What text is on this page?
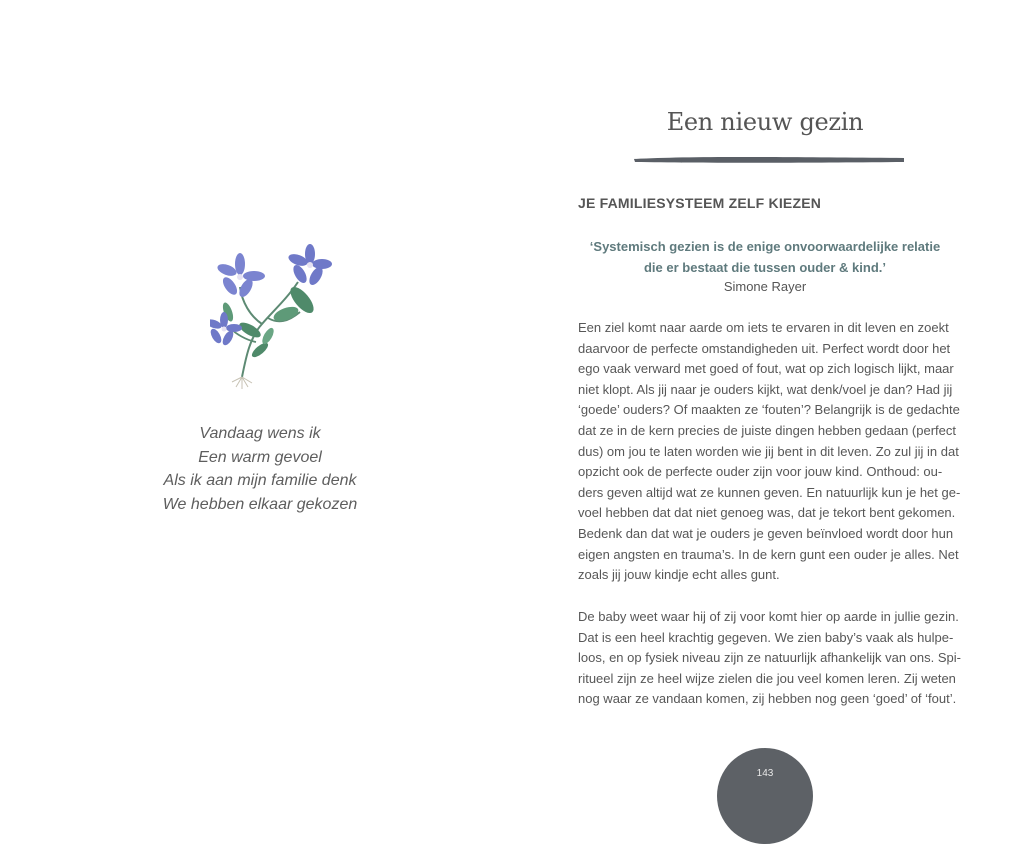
Vandaag wens ik
Een warm gevoel
Als ik aan mijn familie denk
We hebben elkaar gekozen
Een nieuw gezin
JE FAMILIESYSTEEM ZELF KIEZEN
‘Systemisch gezien is de enige onvoorwaardelijke relatie
die er bestaat die tussen ouder & kind.’
Simone Rayer
Een ziel komt naar aarde om iets te ervaren in dit leven en zoekt
daarvoor de perfecte omstandigheden uit. Perfect wordt door het
ego vaak verward met goed of fout, wat op zich logisch lijkt, maar
niet klopt. Als jij naar je ouders kijkt, wat denk/voel je dan? Had jij
‘goede’ ouders? Of maakten ze ‘fouten’? Belangrijk is de gedachte
dat ze in de kern precies de juiste dingen hebben gedaan (perfect
dus) om jou te laten worden wie jij bent in dit leven. Zo zul jij in dat
opzicht ook de perfecte ouder zijn voor jouw kind. Onthoud: ou-
ders geven altijd wat ze kunnen geven. En natuurlijk kun je het ge-
voel hebben dat dat niet genoeg was, dat je tekort bent gekomen.
Bedenk dan dat wat je ouders je geven beïnvloed wordt door hun
eigen angsten en trauma’s. In de kern gunt een ouder je alles. Net
zoals jij jouw kindje echt alles gunt.
De baby weet waar hij of zij voor komt hier op aarde in jullie gezin.
Dat is een heel krachtig gegeven. We zien baby’s vaak als hulpe-
loos, en op fysiek niveau zijn ze natuurlijk afhankelijk van ons. Spi-
ritueel zijn ze heel wijze zielen die jou veel komen leren. Zij weten
nog waar ze vandaan komen, zij hebben nog geen ‘goed’ of ‘fout’.
143
